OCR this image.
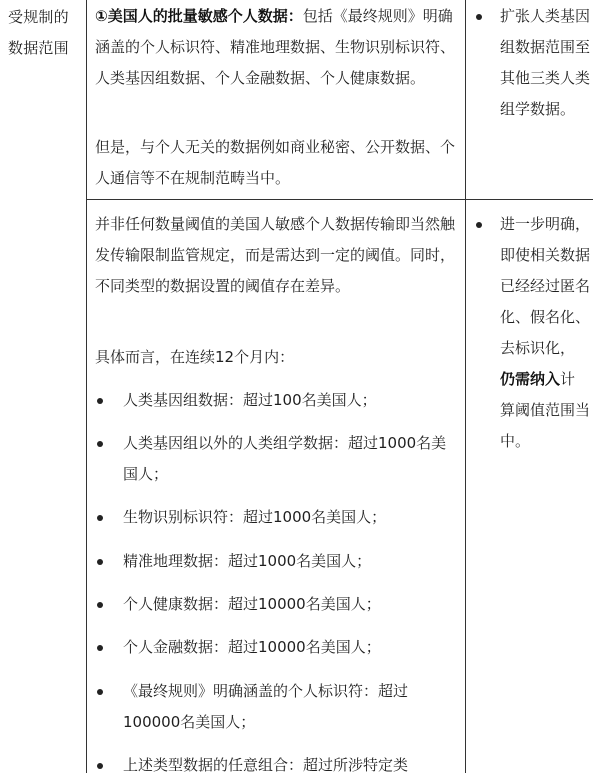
受规制的数据范围
①美国人的批量敏感个人数据：包括《最终规则》明确涵盖的个人标识符、精准地理数据、生物识别标识符、人类基因组数据、个人金融数据、个人健康数据。
但是，与个人无关的数据例如商业秘密、公开数据、个人通信等不在规制范畴当中。
扩张人类基因组数据范围至其他三类人类组学数据。
并非任何数量阈值的美国人敏感个人数据传输即当然触发传输限制监管规定，而是需达到一定的阈值。同时，不同类型的数据设置的阈值存在差异。
具体而言，在连续12个月内：
人类基因组数据：超过100名美国人；
人类基因组以外的人类组学数据：超过1000名美国人；
生物识别标识符：超过1000名美国人；
精准地理数据：超过1000名美国人；
个人健康数据：超过10000名美国人；
个人金融数据：超过10000名美国人；
《最终规则》明确涵盖的个人标识符：超过100000名美国人；
上述类型数据的任意组合：超过所涉特定类
进一步明确，即使相关数据已经经过匿名化、假名化、去标识化，仍需纳入计算阈值范围当中。
